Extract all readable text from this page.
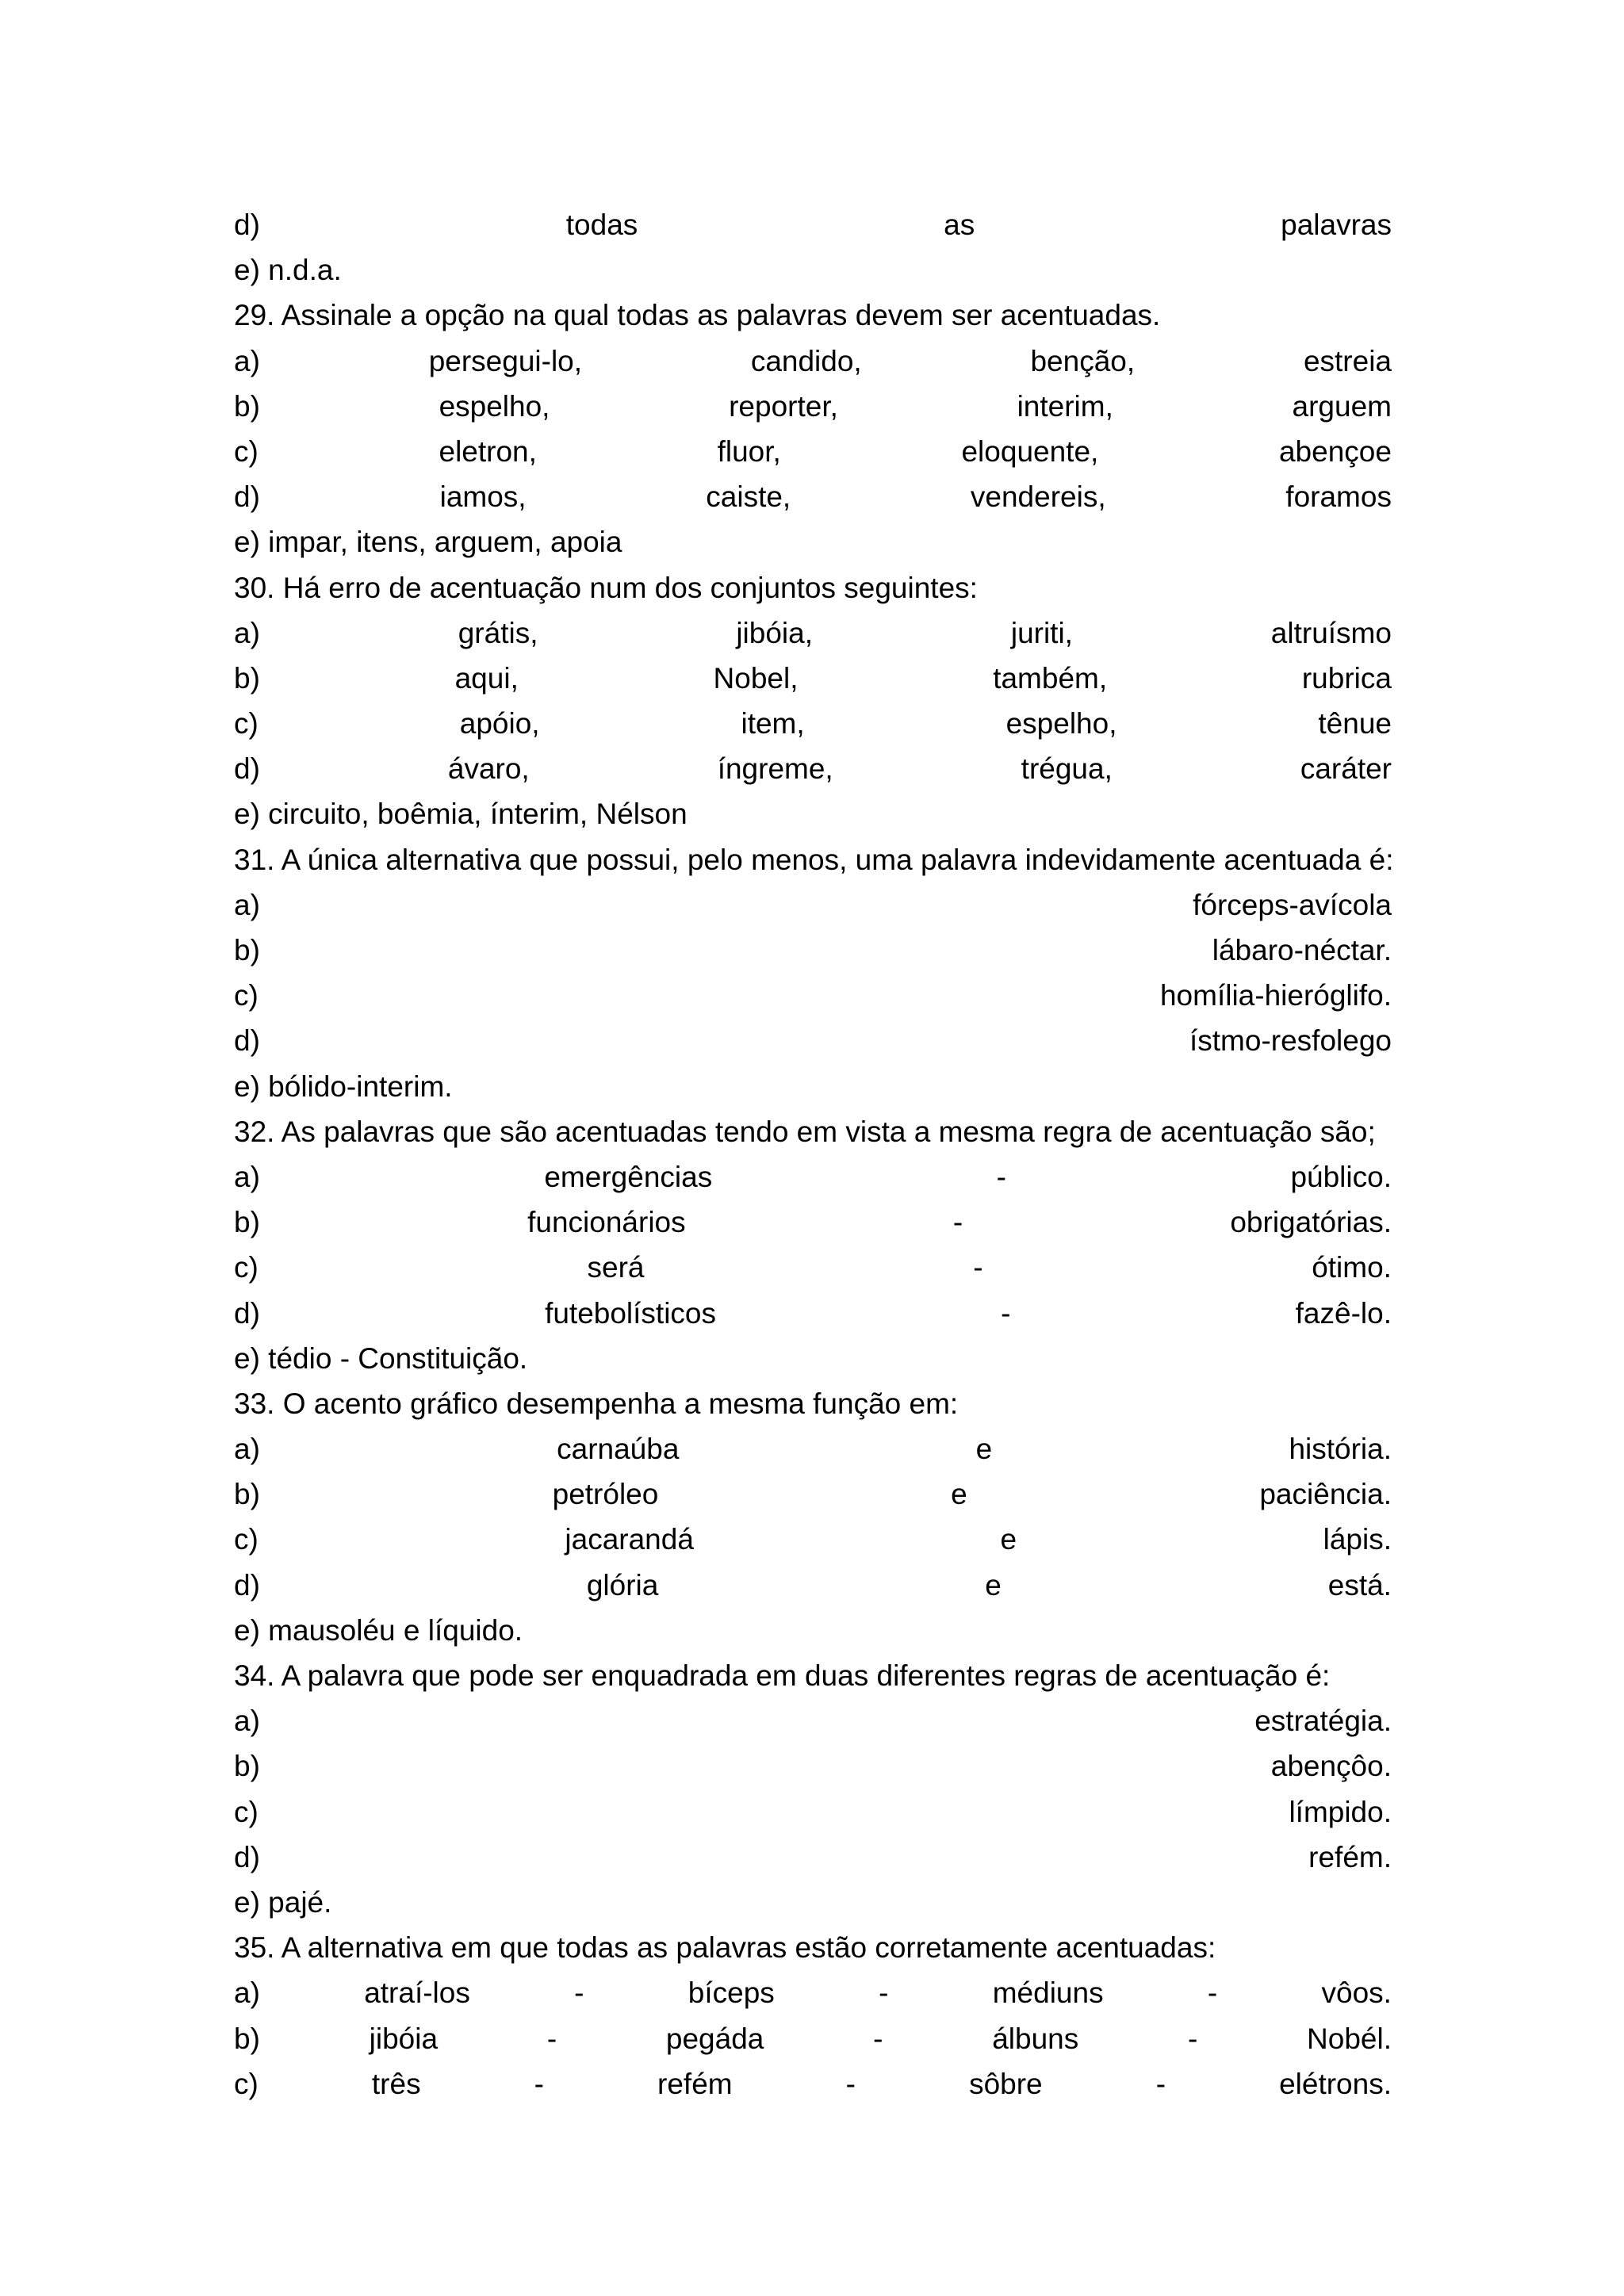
d)	todas	as	palavras
e) n.d.a.
29. Assinale a opção na qual todas as palavras devem ser acentuadas.
a)	persegui-lo,	candido,	benção,	estreia
b)	espelho,	reporter,	interim,	arguem
c)	eletron,	fluor,	eloquente,	abençoe
d)	iamos,	caiste,	vendereis,	foramos
e) impar, itens, arguem, apoia
30. Há erro de acentuação num dos conjuntos seguintes:
a)	grátis,	jibóia,	juriti,	altruísmo
b)	aqui,	Nobel,	também,	rubrica
c)	apóio,	item,	espelho,	tênue
d)	ávaro,	íngreme,	trégua,	caráter
e) circuito, boêmia, ínterim, Nélson
31. A única alternativa que possui, pelo menos, uma palavra indevidamente acentuada é:
a)	fórceps-avícola
b)	lábaro-néctar.
c)	homília-hieróglifo.
d)	ístmo-resfolego
e) bólido-interim.
32. As palavras que são acentuadas tendo em vista a mesma regra de acentuação são;
a)	emergências	-	público.
b)	funcionários	-	obrigatórias.
c)	será	-	ótimo.
d)	futebolísticos	-	fazê-lo.
e) tédio - Constituição.
33. O acento gráfico desempenha a mesma função em:
a)	carnaúba	e	história.
b)	petróleo	e	paciência.
c)	jacarandá	e	lápis.
d)	glória	e	está.
e) mausoléu e líquido.
34. A palavra que pode ser enquadrada em duas diferentes regras de acentuação é:
a)	estratégia.
b)	abençôo.
c)	límpido.
d)	refém.
e) pajé.
35. A alternativa em que todas as palavras estão corretamente acentuadas:
a)	atraí-los	-	bíceps	-	médiuns	-	vôos.
b)	jibóia	-	pegáda	-	álbuns	-	Nobél.
c)	três	-	refém	-	sôbre	-	elétrons.
